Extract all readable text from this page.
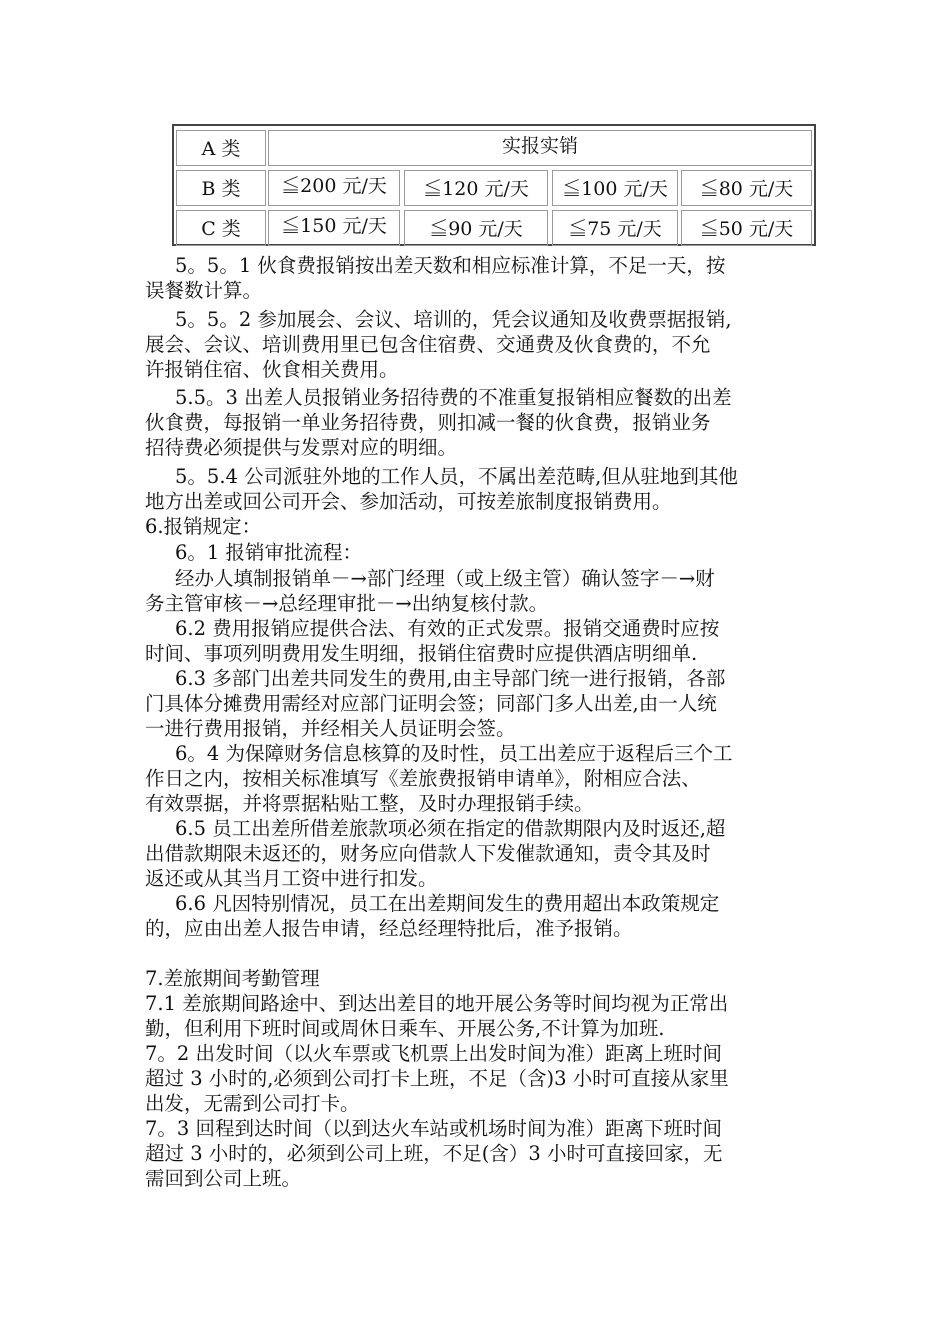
A 类	实报实销
B 类	≦200 元/天	≦120 元/天	≦100 元/天	≦80 元/天
C 类	≦150 元/天	≦90 元/天	≦75 元/天	≦50 元/天

5。5。1 伙食费报销按出差天数和相应标准计算，不足一天，按
误餐数计算。

5。5。2 参加展会、会议、培训的，凭会议通知及收费票据报销,
展会、会议、培训费用里已包含住宿费、交通费及伙食费的，不允
许报销住宿、伙食相关费用。

5.5。3 出差人员报销业务招待费的不准重复报销相应餐数的出差
伙食费，每报销一单业务招待费，则扣减一餐的伙食费，报销业务
招待费必须提供与发票对应的明细。

5。5.4 公司派驻外地的工作人员，不属出差范畴,但从驻地到其他
地方出差或回公司开会、参加活动，可按差旅制度报销费用。

6.报销规定：

6。1 报销审批流程：

经办人填制报销单－→部门经理（或上级主管）确认签字－→财
务主管审核－→总经理审批－→出纳复核付款。

6.2 费用报销应提供合法、有效的正式发票。报销交通费时应按
时间、事项列明费用发生明细，报销住宿费时应提供酒店明细单.

6.3 多部门出差共同发生的费用,由主导部门统一进行报销，各部
门具体分摊费用需经对应部门证明会签；同部门多人出差,由一人统
一进行费用报销，并经相关人员证明会签。

6。4 为保障财务信息核算的及时性，员工出差应于返程后三个工
作日之内，按相关标准填写《差旅费报销申请单》，附相应合法、
有效票据，并将票据粘贴工整，及时办理报销手续。

6.5 员工出差所借差旅款项必须在指定的借款期限内及时返还,超
出借款期限未返还的，财务应向借款人下发催款通知，责令其及时
返还或从其当月工资中进行扣发。

6.6 凡因特别情况，员工在出差期间发生的费用超出本政策规定
的，应由出差人报告申请，经总经理特批后，准予报销。

7.差旅期间考勤管理

7.1 差旅期间路途中、到达出差目的地开展公务等时间均视为正常出
勤，但利用下班时间或周休日乘车、开展公务,不计算为加班.

7。2 出发时间（以火车票或飞机票上出发时间为准）距离上班时间
超过 3 小时的,必须到公司打卡上班，不足（含)3 小时可直接从家里
出发，无需到公司打卡。

7。3 回程到达时间（以到达火车站或机场时间为准）距离下班时间
超过 3 小时的，必须到公司上班，不足(含）3 小时可直接回家，无
需回到公司上班。
